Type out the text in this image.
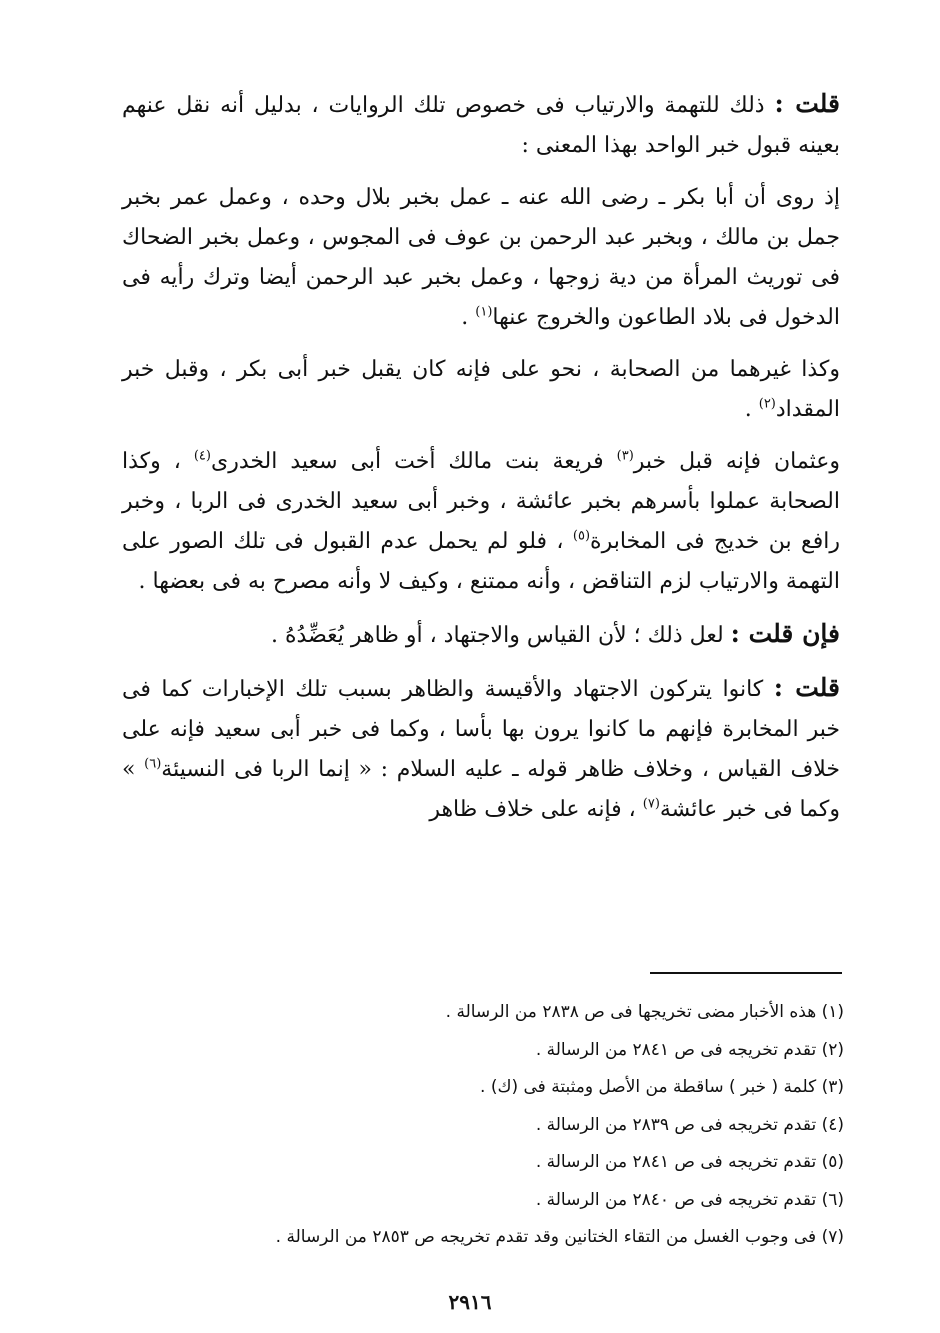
قلت : ذلك للتهمة والارتياب فى خصوص تلك الروايات ، بدليل أنه نقل عنهم بعينه قبول خبر الواحد بهذا المعنى :

إذ روى أن أبا بكر ـ رضى الله عنه ـ عمل بخبر بلال وحده ، وعمل عمر بخبر جمل بن مالك ، وبخبر عبد الرحمن بن عوف فى المجوس ، وعمل بخبر الضحاك فى توريث المرأة من دية زوجها ، وعمل بخبر عبد الرحمن أيضا وترك رأيه فى الدخول فى بلاد الطاعون والخروج عنها$^{(١)}$ .

وكذا غيرهما من الصحابة ، نحو على فإنه كان يقبل خبر أبى بكر ، وقبل خبر المقداد$^{(٢)}$ .

وعثمان فإنه قبل خبر$^{(٣)}$ فريعة بنت مالك أخت أبى سعيد الخدرى$^{(٤)}$ ، وكذا الصحابة عملوا بأسرهم بخبر عائشة ، وخبر أبى سعيد الخدرى فى الربا ، وخبر رافع بن خديج فى المخابرة$^{(٥)}$ ، فلو لم يحمل عدم القبول فى تلك الصور على التهمة والارتياب لزم التناقض ، وأنه ممتنع ، وكيف لا وأنه مصرح به فى بعضها .

فإن قلت : لعل ذلك ؛ لأن القياس والاجتهاد ، أو ظاهر يُعَضِّدُهُ .

قلت : كانوا يتركون الاجتهاد والأقيسة والظاهر بسبب تلك الإخبارات كما فى خبر المخابرة فإنهم ما كانوا يرون بها بأسا ، وكما فى خبر أبى سعيد فإنه على خلاف القياس ، وخلاف ظاهر قوله ـ عليه السلام : « إنما الربا فى النسيئة$^{(٦)}$ » وكما فى خبر عائشة$^{(٧)}$ ، فإنه على خلاف ظاهر

(١) هذه الأخبار مضى تخريجها فى ص ٢٨٣٨ من الرسالة .
(٢) تقدم تخريجه فى ص ٢٨٤١ من الرسالة .
(٣) كلمة ( خبر ) ساقطة من الأصل ومثبتة فى (ك) .
(٤) تقدم تخريجه فى ص ٢٨٣٩ من الرسالة .
(٥) تقدم تخريجه فى ص ٢٨٤١ من الرسالة .
(٦) تقدم تخريجه فى ص ٢٨٤٠ من الرسالة .
(٧) فى وجوب الغسل من التقاء الختانين وقد تقدم تخريجه ص ٢٨٥٣ من الرسالة .
٢٩١٦
